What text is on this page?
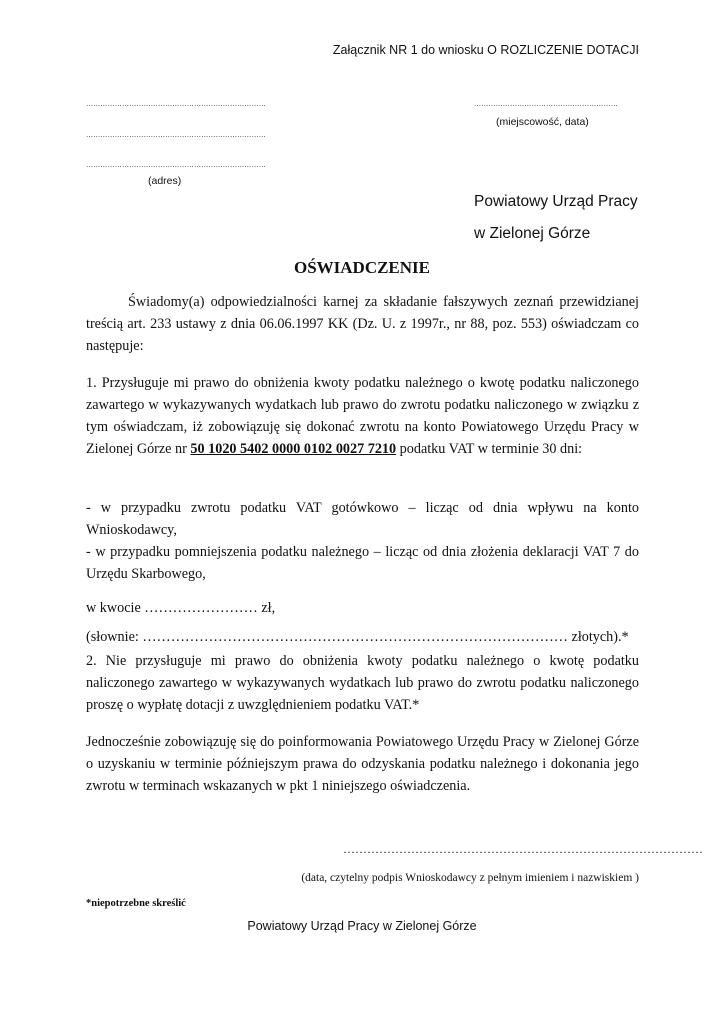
Załącznik NR 1 do wniosku O ROZLICZENIE DOTACJI
…………………………………………………………………
…………………………………………………………………
…………………………………………………………………
(adres)
……………………………………………………
(miejscowość, data)
Powiatowy Urząd Pracy
w Zielonej Górze
OŚWIADCZENIE

Świadomy(a) odpowiedzialności karnej za składanie fałszywych zeznań przewidzianej treścią art. 233 ustawy z dnia 06.06.1997 KK (Dz. U. z 1997r., nr 88, poz. 553) oświadczam co następuje:

1. Przysługuje mi prawo do obniżenia kwoty podatku należnego o kwotę podatku naliczonego zawartego w wykazywanych wydatkach lub prawo do zwrotu podatku naliczonego w związku z tym oświadczam, iż zobowiązuję się dokonać zwrotu na konto Powiatowego Urzędu Pracy w Zielonej Górze nr 50 1020 5402 0000 0102 0027 7210 podatku VAT w terminie 30 dni:

- w przypadku zwrotu podatku VAT gotówkowo – licząc od dnia wpływu na konto Wnioskodawcy,

- w przypadku pomniejszenia podatku należnego – licząc od dnia złożenia deklaracji VAT 7 do Urzędu Skarbowego,

w kwocie …………………… zł,
(słownie: ……………………………………………………………………………… złotych).*

2. Nie przysługuje mi prawo do obniżenia kwoty podatku należnego o kwotę podatku naliczonego zawartego w wykazywanych wydatkach lub prawo do zwrotu podatku naliczonego proszę o wypłatę dotacji z uwzględnieniem podatku VAT.*

Jednocześnie zobowiązuję się do poinformowania Powiatowego Urzędu Pracy w Zielonej Górze o uzyskaniu w terminie późniejszym prawa do odzyskania podatku należnego i dokonania jego zwrotu w terminach wskazanych w pkt 1 niniejszego oświadczenia.

………………………………………………………………………………
(data, czytelny podpis Wnioskodawcy z pełnym imieniem i nazwiskiem )
*niepotrzebne skreślić
Powiatowy Urząd Pracy w Zielonej Górze
